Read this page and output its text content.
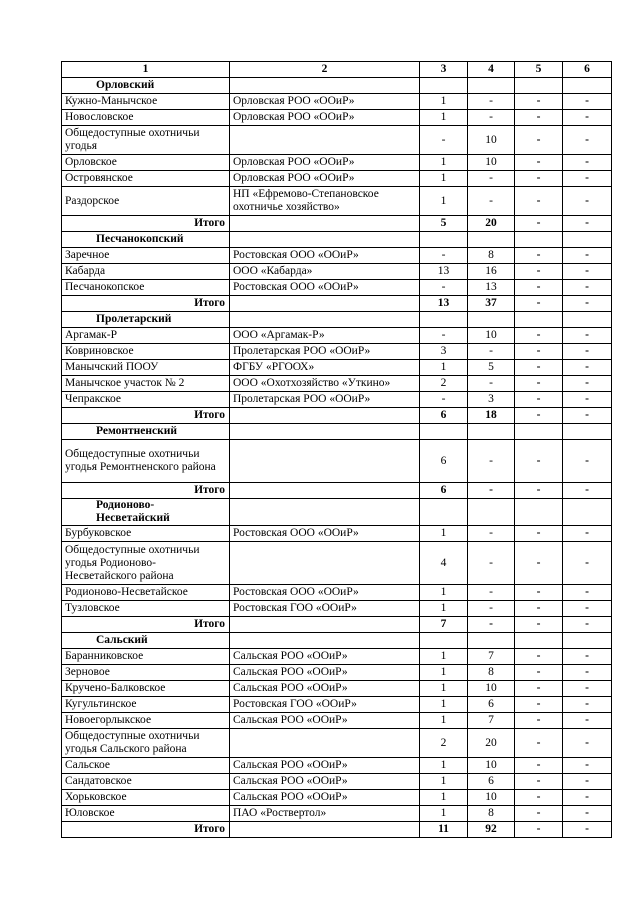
1	2	3	4	5	6
Орловский					
Кужно-Манычское	Орловская РОО «ООиР»	1	-	-	-
Новословское	Орловская РОО «ООиР»	1	-	-	-
Общедоступные охотничьи угодья		-	10	-	-
Орловское	Орловская РОО «ООиР»	1	10	-	-
Островянское	Орловская РОО «ООиР»	1	-	-	-
Раздорское	НП «Ефремово-Степановское охотничье хозяйство»	1	-	-	-
Итого		5	20	-	-
Песчанокопский					
Заречное	Ростовская ООО «ООиР»	-	8	-	-
Кабарда	ООО «Кабарда»	13	16	-	-
Песчанокопское	Ростовская ООО «ООиР»	-	13	-	-
Итого		13	37	-	-
Пролетарский					
Аргамак-Р	ООО «Аргамак-Р»	-	10	-	-
Ковриновское	Пролетарская РОО «ООиР»	3	-	-	-
Манычский ПООУ	ФГБУ «РГООХ»	1	5	-	-
Манычское участок № 2	ООО «Охотхозяйство «Уткино»	2	-	-	-
Чепракское	Пролетарская РОО «ООиР»	-	3	-	-
Итого		6	18	-	-
Ремонтненский					
Общедоступные охотничьи угодья Ремонтненского района		6	-	-	-
Итого		6	-	-	-
Родионово-Несветайский					
Бурбуковское	Ростовская ООО «ООиР»	1	-	-	-
Общедоступные охотничьи угодья Родионово-Несветайского района		4	-	-	-
Родионово-Несветайское	Ростовская ООО «ООиР»	1	-	-	-
Тузловское	Ростовская ГОО «ООиР»	1	-	-	-
Итого		7	-	-	-
Сальский					
Баранниковское	Сальская РОО «ООиР»	1	7	-	-
Зерновое	Сальская РОО «ООиР»	1	8	-	-
Кручено-Балковское	Сальская РОО «ООиР»	1	10	-	-
Кугультинское	Ростовская ГОО «ООиР»	1	6	-	-
Новоегорлыкское	Сальская РОО «ООиР»	1	7	-	-
Общедоступные охотничьи угодья Сальского района		2	20	-	-
Сальское	Сальская РОО «ООиР»	1	10	-	-
Сандатовское	Сальская РОО «ООиР»	1	6	-	-
Хорьковское	Сальская РОО «ООиР»	1	10	-	-
Юловское	ПАО «Роствертол»	1	8	-	-
Итого		11	92	-	-
